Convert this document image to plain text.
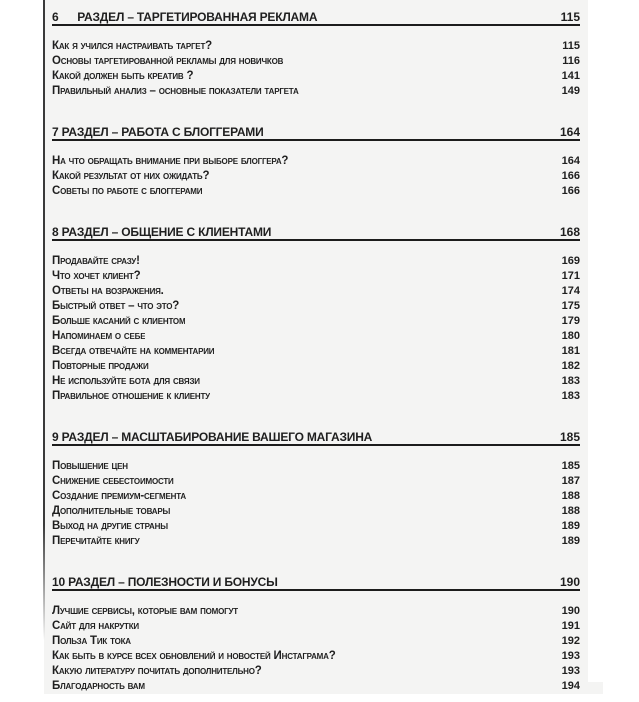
6      РАЗДЕЛ – ТАРГЕТИРОВАННАЯ РЕКЛАМА	115
Как я учился настраивать таргет?	115
Основы таргетированной рекламы для новичков	116
Какой должен быть креатив ?	141
Правильный анализ – основные показатели таргета	149
7 РАЗДЕЛ – РАБОТА С БЛОГГЕРАМИ	164
На что обращать внимание при выборе блоггера?	164
Какой результат от них ожидать?	166
Советы по работе с блоггерами	166
8 РАЗДЕЛ – ОБЩЕНИЕ С КЛИЕНТАМИ	168
Продавайте сразу!	169
Что хочет клиент?	171
Ответы на возражения.	174
Быстрый ответ – что это?	175
Больше касаний с клиентом	179
Напоминаем о себе	180
Всегда отвечайте на комментарии	181
Повторные продажи	182
Не используйте бота для связи	183
Правильное отношение к клиенту	183
9 РАЗДЕЛ – МАСШТАБИРОВАНИЕ ВАШЕГО МАГАЗИНА	185
Повышение цен	185
Снижение себестоимости	187
Создание премиум-сегмента	188
Дополнительные товары	188
Выход на другие страны	189
Перечитайте книгу	189
10 РАЗДЕЛ – ПОЛЕЗНОСТИ И БОНУСЫ	190
Лучшие сервисы, которые вам помогут	190
Сайт для накрутки	191
Польза Тик тока	192
Как быть в курсе всех обновлений и новостей Инстаграма?	193
Какую литературу почитать дополнительно?	193
Благодарность вам	194
